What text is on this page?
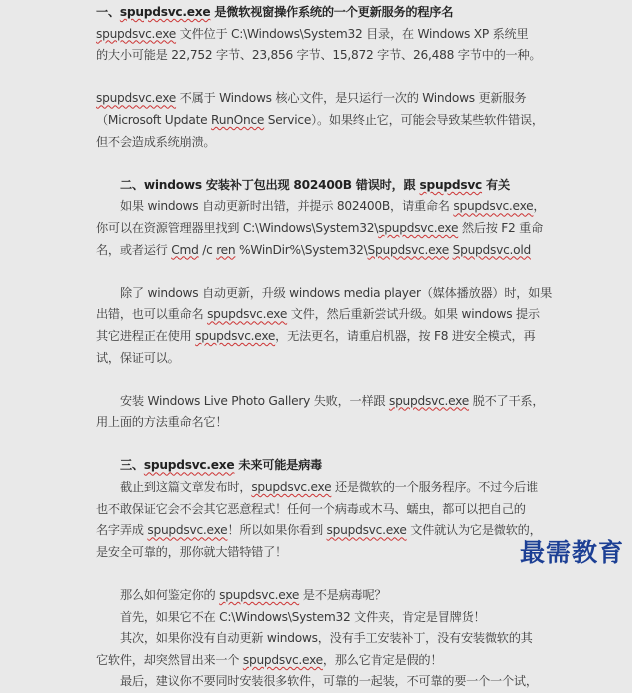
一、spupdsvc.exe 是微软视窗操作系统的一个更新服务的程序名
spupdsvc.exe 文件位于 C:\Windows\System32 目录，在 Windows XP 系统里
的大小可能是 22,752 字节、23,856 字节、15,872 字节、26,488 字节中的一种。
spupdsvc.exe 不属于 Windows 核心文件，是只运行一次的 Windows 更新服务
（Microsoft Update RunOnce Service）。如果终止它，可能会导致某些软件错误，
但不会造成系统崩溃。
二、windows 安装补丁包出现 802400B 错误时，跟 spupdsvc 有关
如果 windows 自动更新时出错，并提示 802400B，请重命名 spupdsvc.exe，
你可以在资源管理器里找到 C:\Windows\System32\spupdsvc.exe 然后按 F2 重命
名，或者运行 Cmd /c ren %WinDir%\System32\Spupdsvc.exe Spupdsvc.old
除了 windows 自动更新，升级 windows media player（媒体播放器）时，如果
出错，也可以重命名 spupdsvc.exe 文件，然后重新尝试升级。如果 windows 提示
其它进程正在使用 spupdsvc.exe，无法更名，请重启机器，按 F8 进安全模式，再
试，保证可以。
安装 Windows Live Photo Gallery 失败，一样跟 spupdsvc.exe 脱不了干系，
用上面的方法重命名它！
三、spupdsvc.exe 未来可能是病毒
截止到这篇文章发布时，spupdsvc.exe 还是微软的一个服务程序。不过今后谁
也不敢保证它会不会其它恶意程式！任何一个病毒或木马、蠕虫，都可以把自己的
名字弄成 spupdsvc.exe！所以如果你看到 spupdsvc.exe 文件就认为它是微软的，
是安全可靠的，那你就大错特错了！
那么如何鉴定你的 spupdsvc.exe 是不是病毒呢？
首先，如果它不在 C:\Windows\System32 文件夹，肯定是冒牌货！
其次，如果你没有自动更新 windows，没有手工安装补丁，没有安装微软的其
它软件，却突然冒出来一个 spupdsvc.exe，那么它肯定是假的！
最后，建议你不要同时安装很多软件，可靠的一起装，不可靠的要一个一个试，
最需教育
